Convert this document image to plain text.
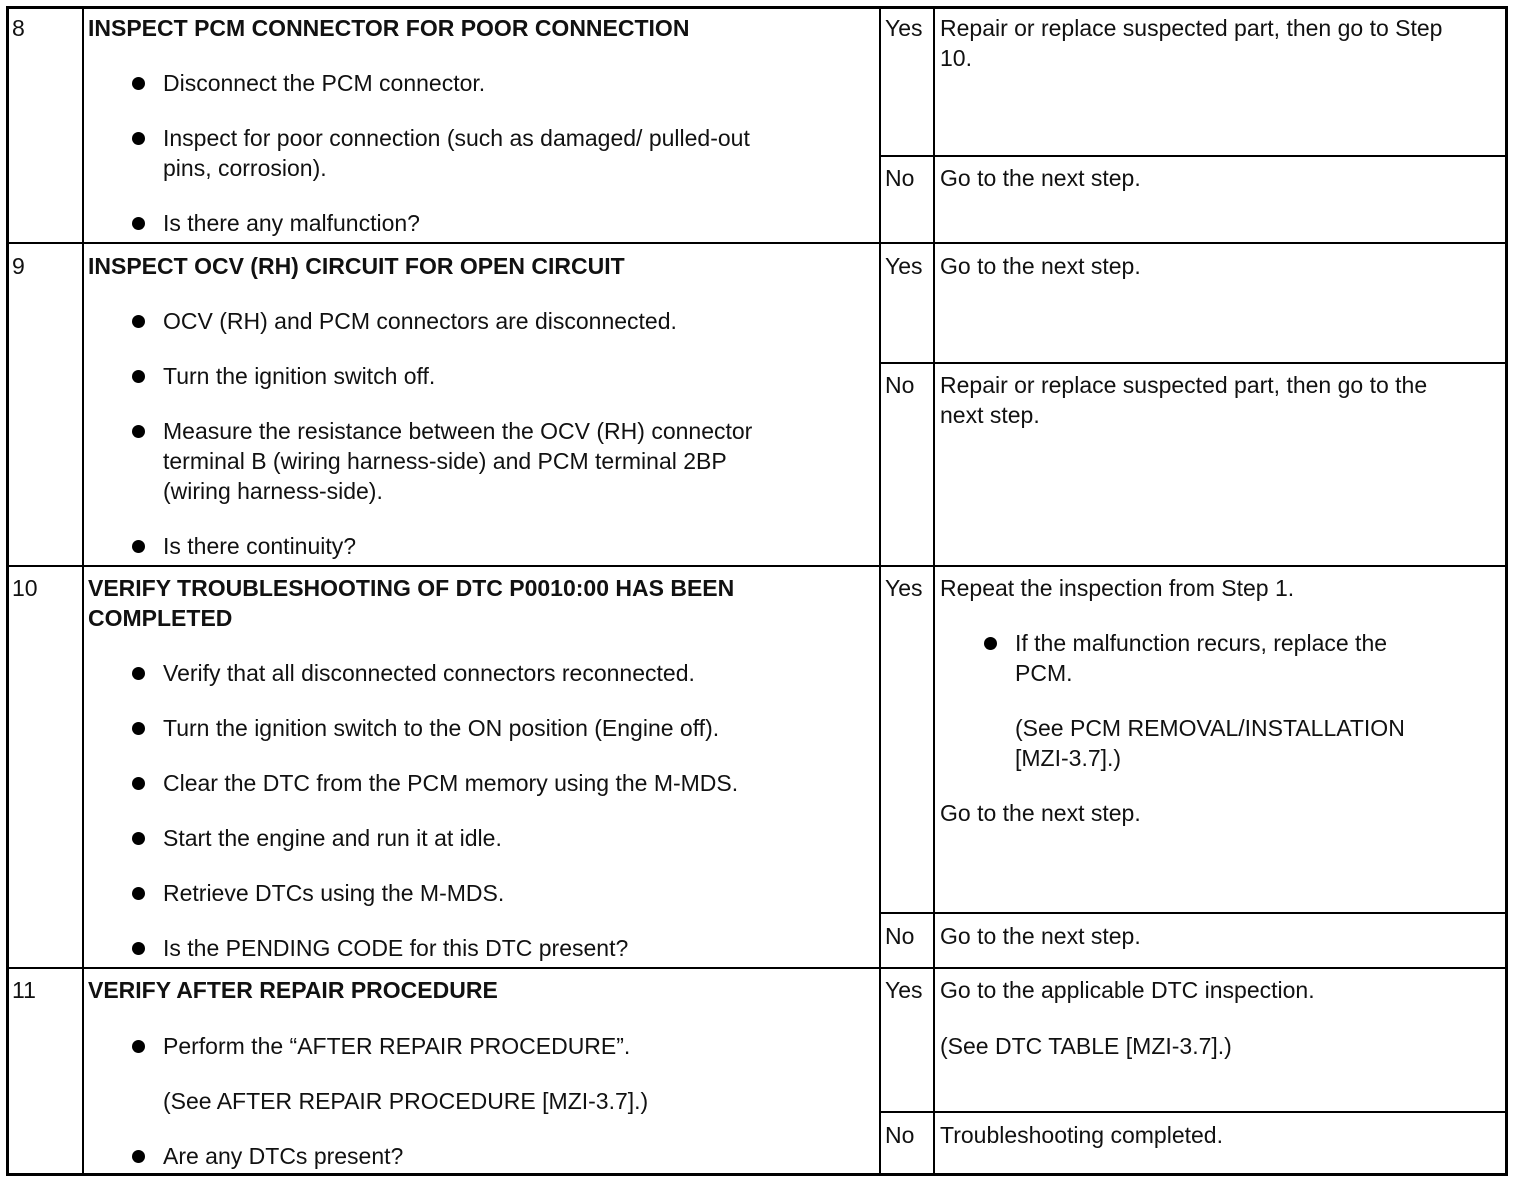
8	INSPECT PCM CONNECTOR FOR POOR CONNECTION
Disconnect the PCM connector.
Inspect for poor connection (such as damaged/ pulled-out
pins, corrosion).
Is there any malfunction?
Yes Repair or replace suspected part, then go to Step
10.
No Go to the next step.
9	INSPECT OCV (RH) CIRCUIT FOR OPEN CIRCUIT
OCV (RH) and PCM connectors are disconnected.
Turn the ignition switch off.
Measure the resistance between the OCV (RH) connector
terminal B (wiring harness-side) and PCM terminal 2BP
(wiring harness-side).
Is there continuity?
Yes Go to the next step.
No Repair or replace suspected part, then go to the
next step.
10 VERIFY TROUBLESHOOTING OF DTC P0010:00 HAS BEEN
COMPLETED
Verify that all disconnected connectors reconnected.
Turn the ignition switch to the ON position (Engine off).
Clear the DTC from the PCM memory using the M-MDS.
Start the engine and run it at idle.
Retrieve DTCs using the M-MDS.
Is the PENDING CODE for this DTC present?
Yes Repeat the inspection from Step 1.
If the malfunction recurs, replace the
PCM.
(See PCM REMOVAL/INSTALLATION
[MZI-3.7].)
Go to the next step.
No Go to the next step.
11 VERIFY AFTER REPAIR PROCEDURE
Perform the “AFTER REPAIR PROCEDURE”.
(See AFTER REPAIR PROCEDURE [MZI-3.7].)
Are any DTCs present?
Yes Go to the applicable DTC inspection.
(See DTC TABLE [MZI-3.7].)
No Troubleshooting completed.
